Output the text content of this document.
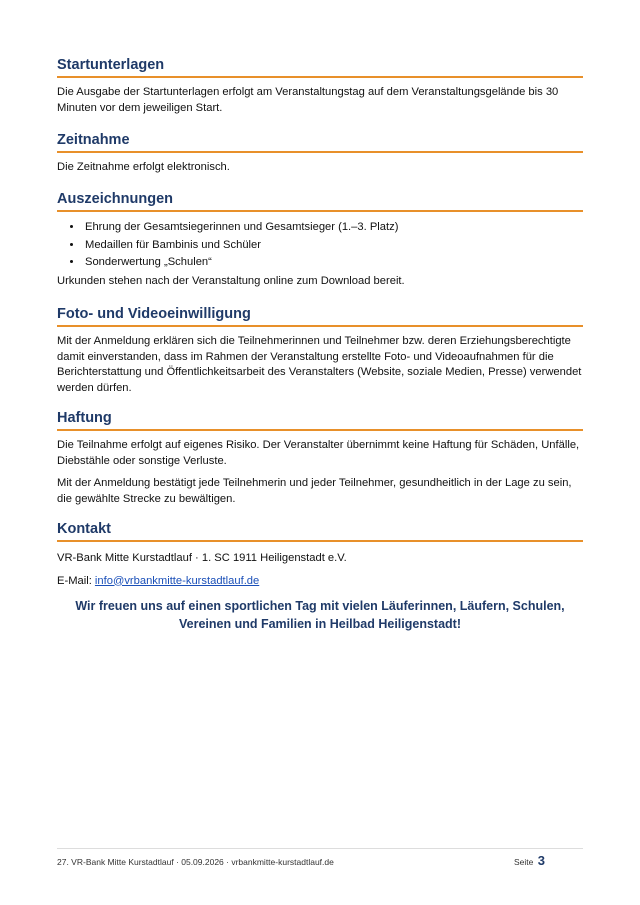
Startunterlagen

Die Ausgabe der Startunterlagen erfolgt am Veranstaltungstag auf dem Veranstaltungsgelände bis 30 Minuten vor dem jeweiligen Start.

Zeitnahme

Die Zeitnahme erfolgt elektronisch.

Auszeichnungen
• Ehrung der Gesamtsiegerinnen und Gesamtsieger (1.–3. Platz)
• Medaillen für Bambinis und Schüler
• Sonderwertung „Schulen“

Urkunden stehen nach der Veranstaltung online zum Download bereit.

Foto- und Videoeinwilligung

Mit der Anmeldung erklären sich die Teilnehmerinnen und Teilnehmer bzw. deren Erziehungsberechtigte damit einverstanden, dass im Rahmen der Veranstaltung erstellte Foto- und Videoaufnahmen für die Berichterstattung und Öffentlichkeitsarbeit des Veranstalters (Website, soziale Medien, Presse) verwendet werden dürfen.

Haftung

Die Teilnahme erfolgt auf eigenes Risiko. Der Veranstalter übernimmt keine Haftung für Schäden, Unfälle, Diebstähle oder sonstige Verluste.

Mit der Anmeldung bestätigt jede Teilnehmerin und jeder Teilnehmer, gesundheitlich in der Lage zu sein, die gewählte Strecke zu bewältigen.

Kontakt

VR-Bank Mitte Kurstadtlauf · 1. SC 1911 Heiligenstadt e.V.

E-Mail: info@vrbankmitte-kurstadtlauf.de

Wir freuen uns auf einen sportlichen Tag mit vielen Läuferinnen, Läufern, Schulen, Vereinen und Familien in Heilbad Heiligenstadt!
27. VR-Bank Mitte Kurstadtlauf · 05.09.2026 · vrbankmitte-kurstadtlauf.de	Seite 3
